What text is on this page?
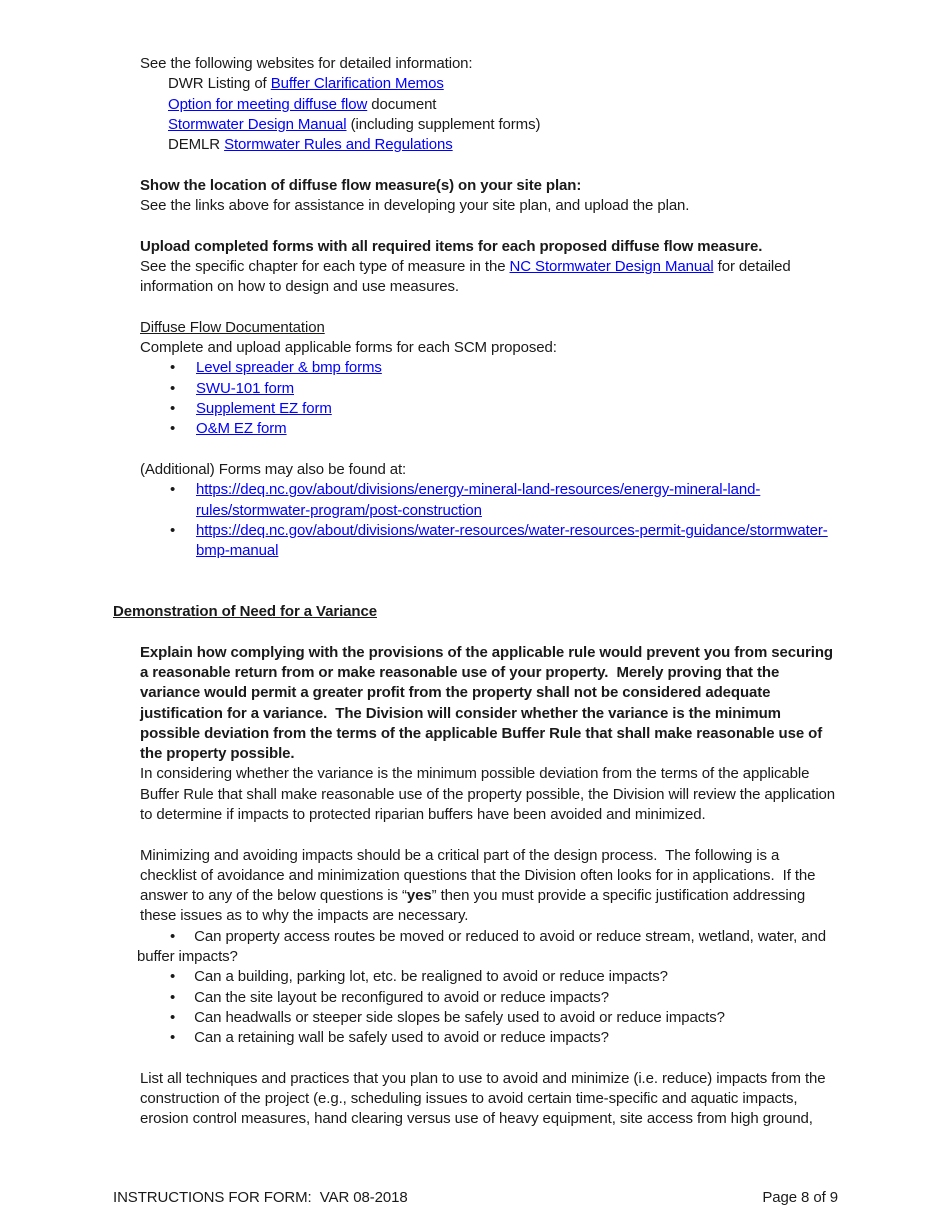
See the following websites for detailed information:

DWR Listing of Buffer Clarification Memos

Option for meeting diffuse flow document

Stormwater Design Manual (including supplement forms)

DEMLR Stormwater Rules and Regulations

Show the location of diffuse flow measure(s) on your site plan:

See the links above for assistance in developing your site plan, and upload the plan.

Upload completed forms with all required items for each proposed diffuse flow measure.

See the specific chapter for each type of measure in the NC Stormwater Design Manual for detailed information on how to design and use measures.

Diffuse Flow Documentation

Complete and upload applicable forms for each SCM proposed:

• Level spreader & bmp forms
• SWU-101 form
• Supplement EZ form
• O&M EZ form

(Additional) Forms may also be found at:

• https://deq.nc.gov/about/divisions/energy-mineral-land-resources/energy-mineral-land-rules/stormwater-program/post-construction
• https://deq.nc.gov/about/divisions/water-resources/water-resources-permit-guidance/stormwater-bmp-manual

Demonstration of Need for a Variance

Explain how complying with the provisions of the applicable rule would prevent you from securing a reasonable return from or make reasonable use of your property.  Merely proving that the variance would permit a greater profit from the property shall not be considered adequate justification for a variance.  The Division will consider whether the variance is the minimum possible deviation from the terms of the applicable Buffer Rule that shall make reasonable use of the property possible.

In considering whether the variance is the minimum possible deviation from the terms of the applicable Buffer Rule that shall make reasonable use of the property possible, the Division will review the application to determine if impacts to protected riparian buffers have been avoided and minimized.

Minimizing and avoiding impacts should be a critical part of the design process.  The following is a checklist of avoidance and minimization questions that the Division often looks for in applications.  If the answer to any of the below questions is “yes” then you must provide a specific justification addressing these issues as to why the impacts are necessary.

• Can property access routes be moved or reduced to avoid or reduce stream, wetland, water, and buffer impacts?
• Can a building, parking lot, etc. be realigned to avoid or reduce impacts?
• Can the site layout be reconfigured to avoid or reduce impacts?
• Can headwalls or steeper side slopes be safely used to avoid or reduce impacts?
• Can a retaining wall be safely used to avoid or reduce impacts?

List all techniques and practices that you plan to use to avoid and minimize (i.e. reduce) impacts from the construction of the project (e.g., scheduling issues to avoid certain time-specific and aquatic impacts, erosion control measures, hand clearing versus use of heavy equipment, site access from high ground,

INSTRUCTIONS FOR FORM:  VAR 08-2018	Page 8 of 9
